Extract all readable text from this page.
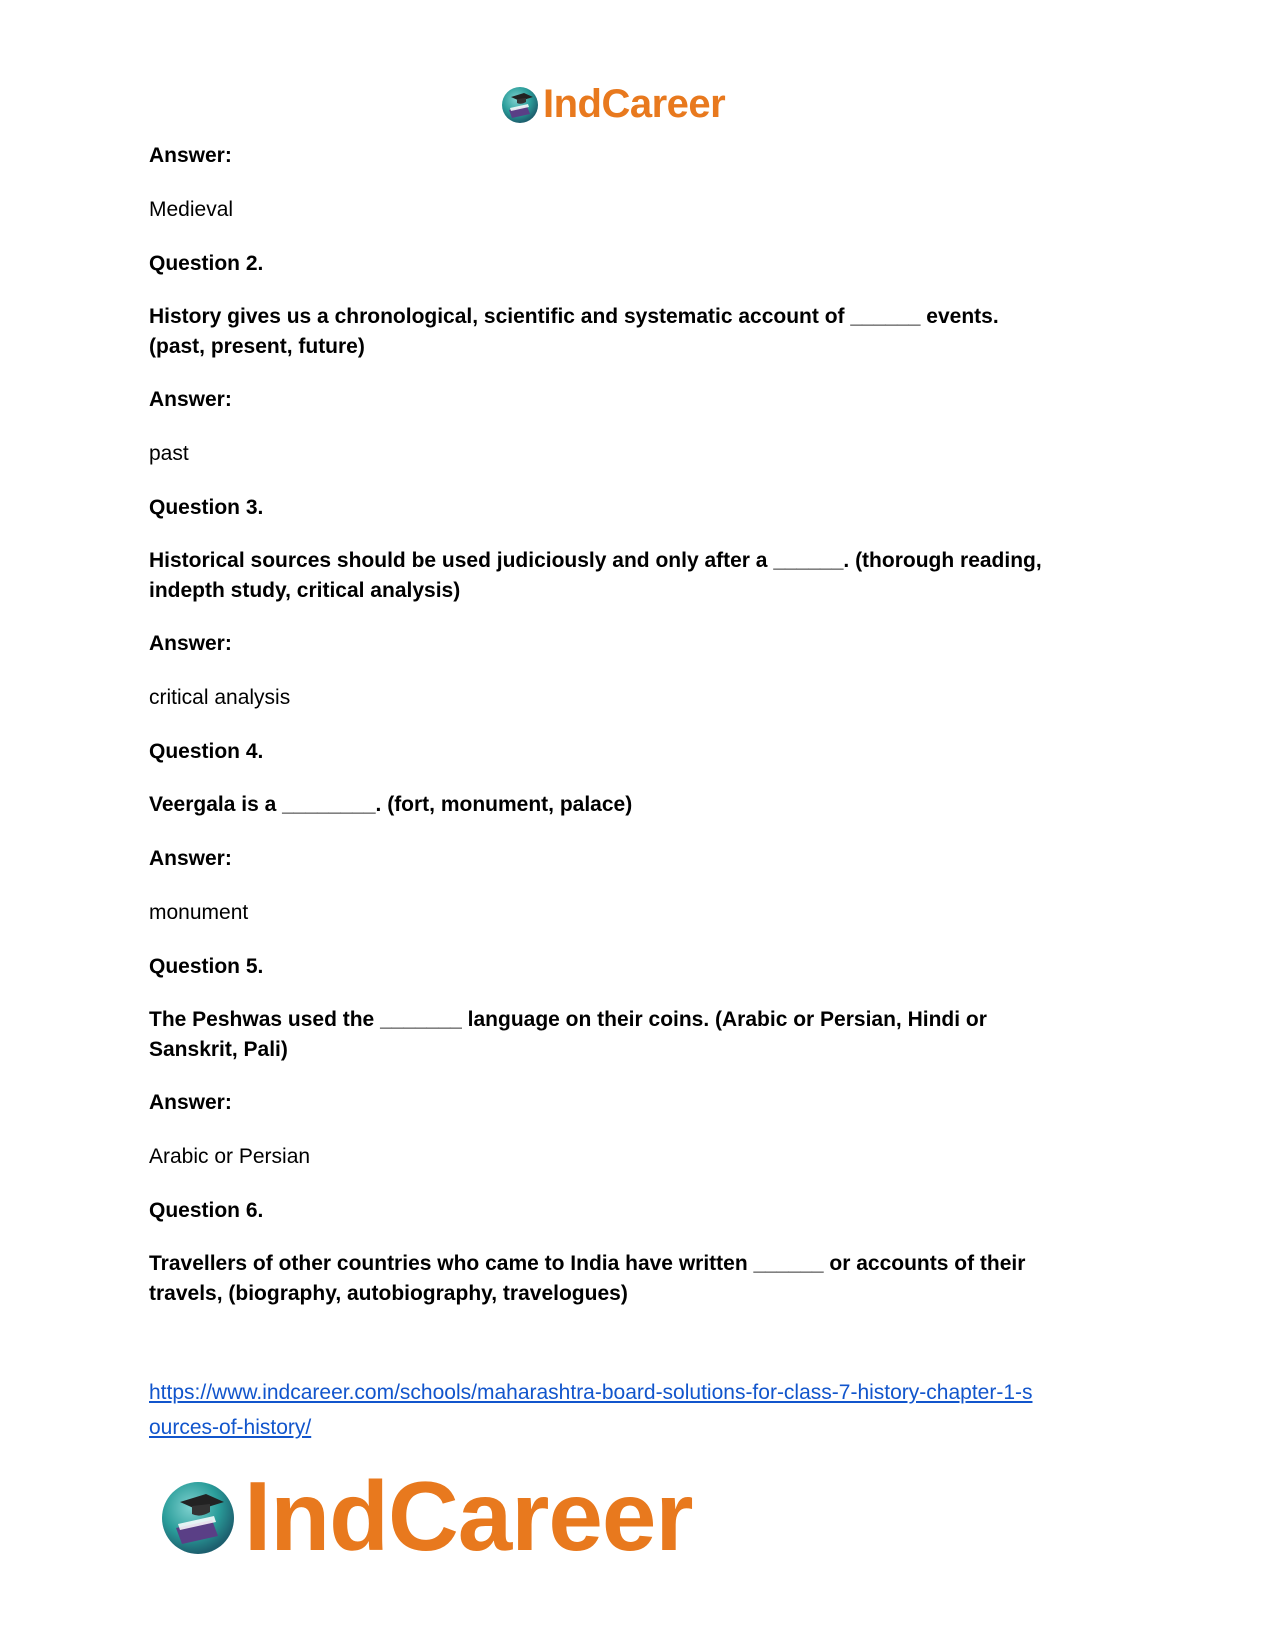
IndCareer
Answer:
Medieval
Question 2.
History gives us a chronological, scientific and systematic account of ______ events.
(past, present, future)
Answer:
past
Question 3.
Historical sources should be used judiciously and only after a ______. (thorough reading,
indepth study, critical analysis)
Answer:
critical analysis
Question 4.
Veergala is a ________. (fort, monument, palace)
Answer:
monument
Question 5.
The Peshwas used the _______ language on their coins. (Arabic or Persian, Hindi or
Sanskrit, Pali)
Answer:
Arabic or Persian
Question 6.
Travellers of other countries who came to India have written ______ or accounts of their
travels, (biography, autobiography, travelogues)
https://www.indcareer.com/schools/maharashtra-board-solutions-for-class-7-history-chapter-1-s
ources-of-history/
IndCareer
